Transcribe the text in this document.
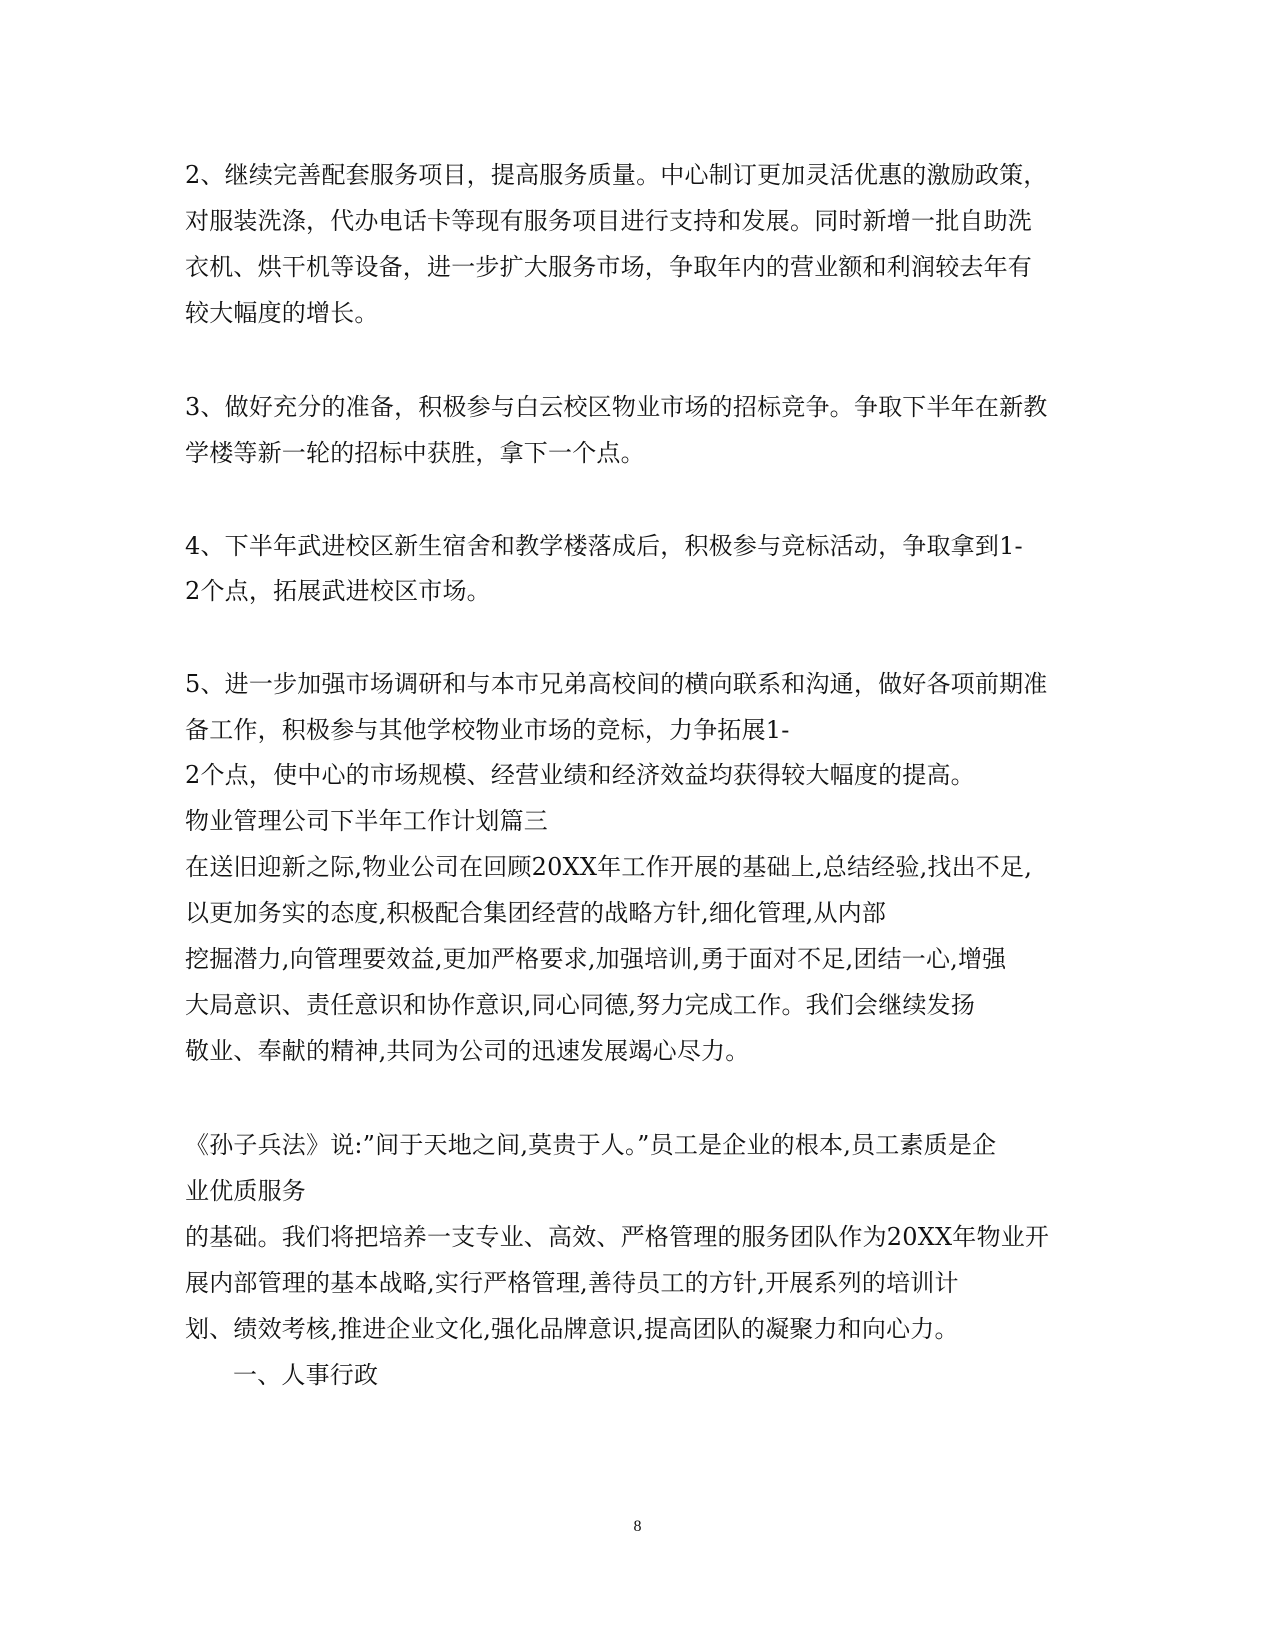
2、继续完善配套服务项目，提高服务质量。中心制订更加灵活优惠的激励政策，
对服装洗涤，代办电话卡等现有服务项目进行支持和发展。同时新增一批自助洗
衣机、烘干机等设备，进一步扩大服务市场，争取年内的营业额和利润较去年有
较大幅度的增长。
3、做好充分的准备，积极参与白云校区物业市场的招标竞争。争取下半年在新教
学楼等新一轮的招标中获胜，拿下一个点。
4、下半年武进校区新生宿舍和教学楼落成后，积极参与竞标活动，争取拿到1-
2个点，拓展武进校区市场。
5、进一步加强市场调研和与本市兄弟高校间的横向联系和沟通，做好各项前期准
备工作，积极参与其他学校物业市场的竞标，力争拓展1-
2个点，使中心的市场规模、经营业绩和经济效益均获得较大幅度的提高。
物业管理公司下半年工作计划篇三
在送旧迎新之际,物业公司在回顾20XX年工作开展的基础上,总结经验,找出不足,
以更加务实的态度,积极配合集团经营的战略方针,细化管理,从内部
挖掘潜力,向管理要效益,更加严格要求,加强培训,勇于面对不足,团结一心,增强
大局意识、责任意识和协作意识,同心同德,努力完成工作。我们会继续发扬
敬业、奉献的精神,共同为公司的迅速发展竭心尽力。
《孙子兵法》说:”间于天地之间,莫贵于人。”员工是企业的根本,员工素质是企
业优质服务
的基础。我们将把培养一支专业、高效、严格管理的服务团队作为20XX年物业开
展内部管理的基本战略,实行严格管理,善待员工的方针,开展系列的培训计
划、绩效考核,推进企业文化,强化品牌意识,提高团队的凝聚力和向心力。
一、人事行政
8
